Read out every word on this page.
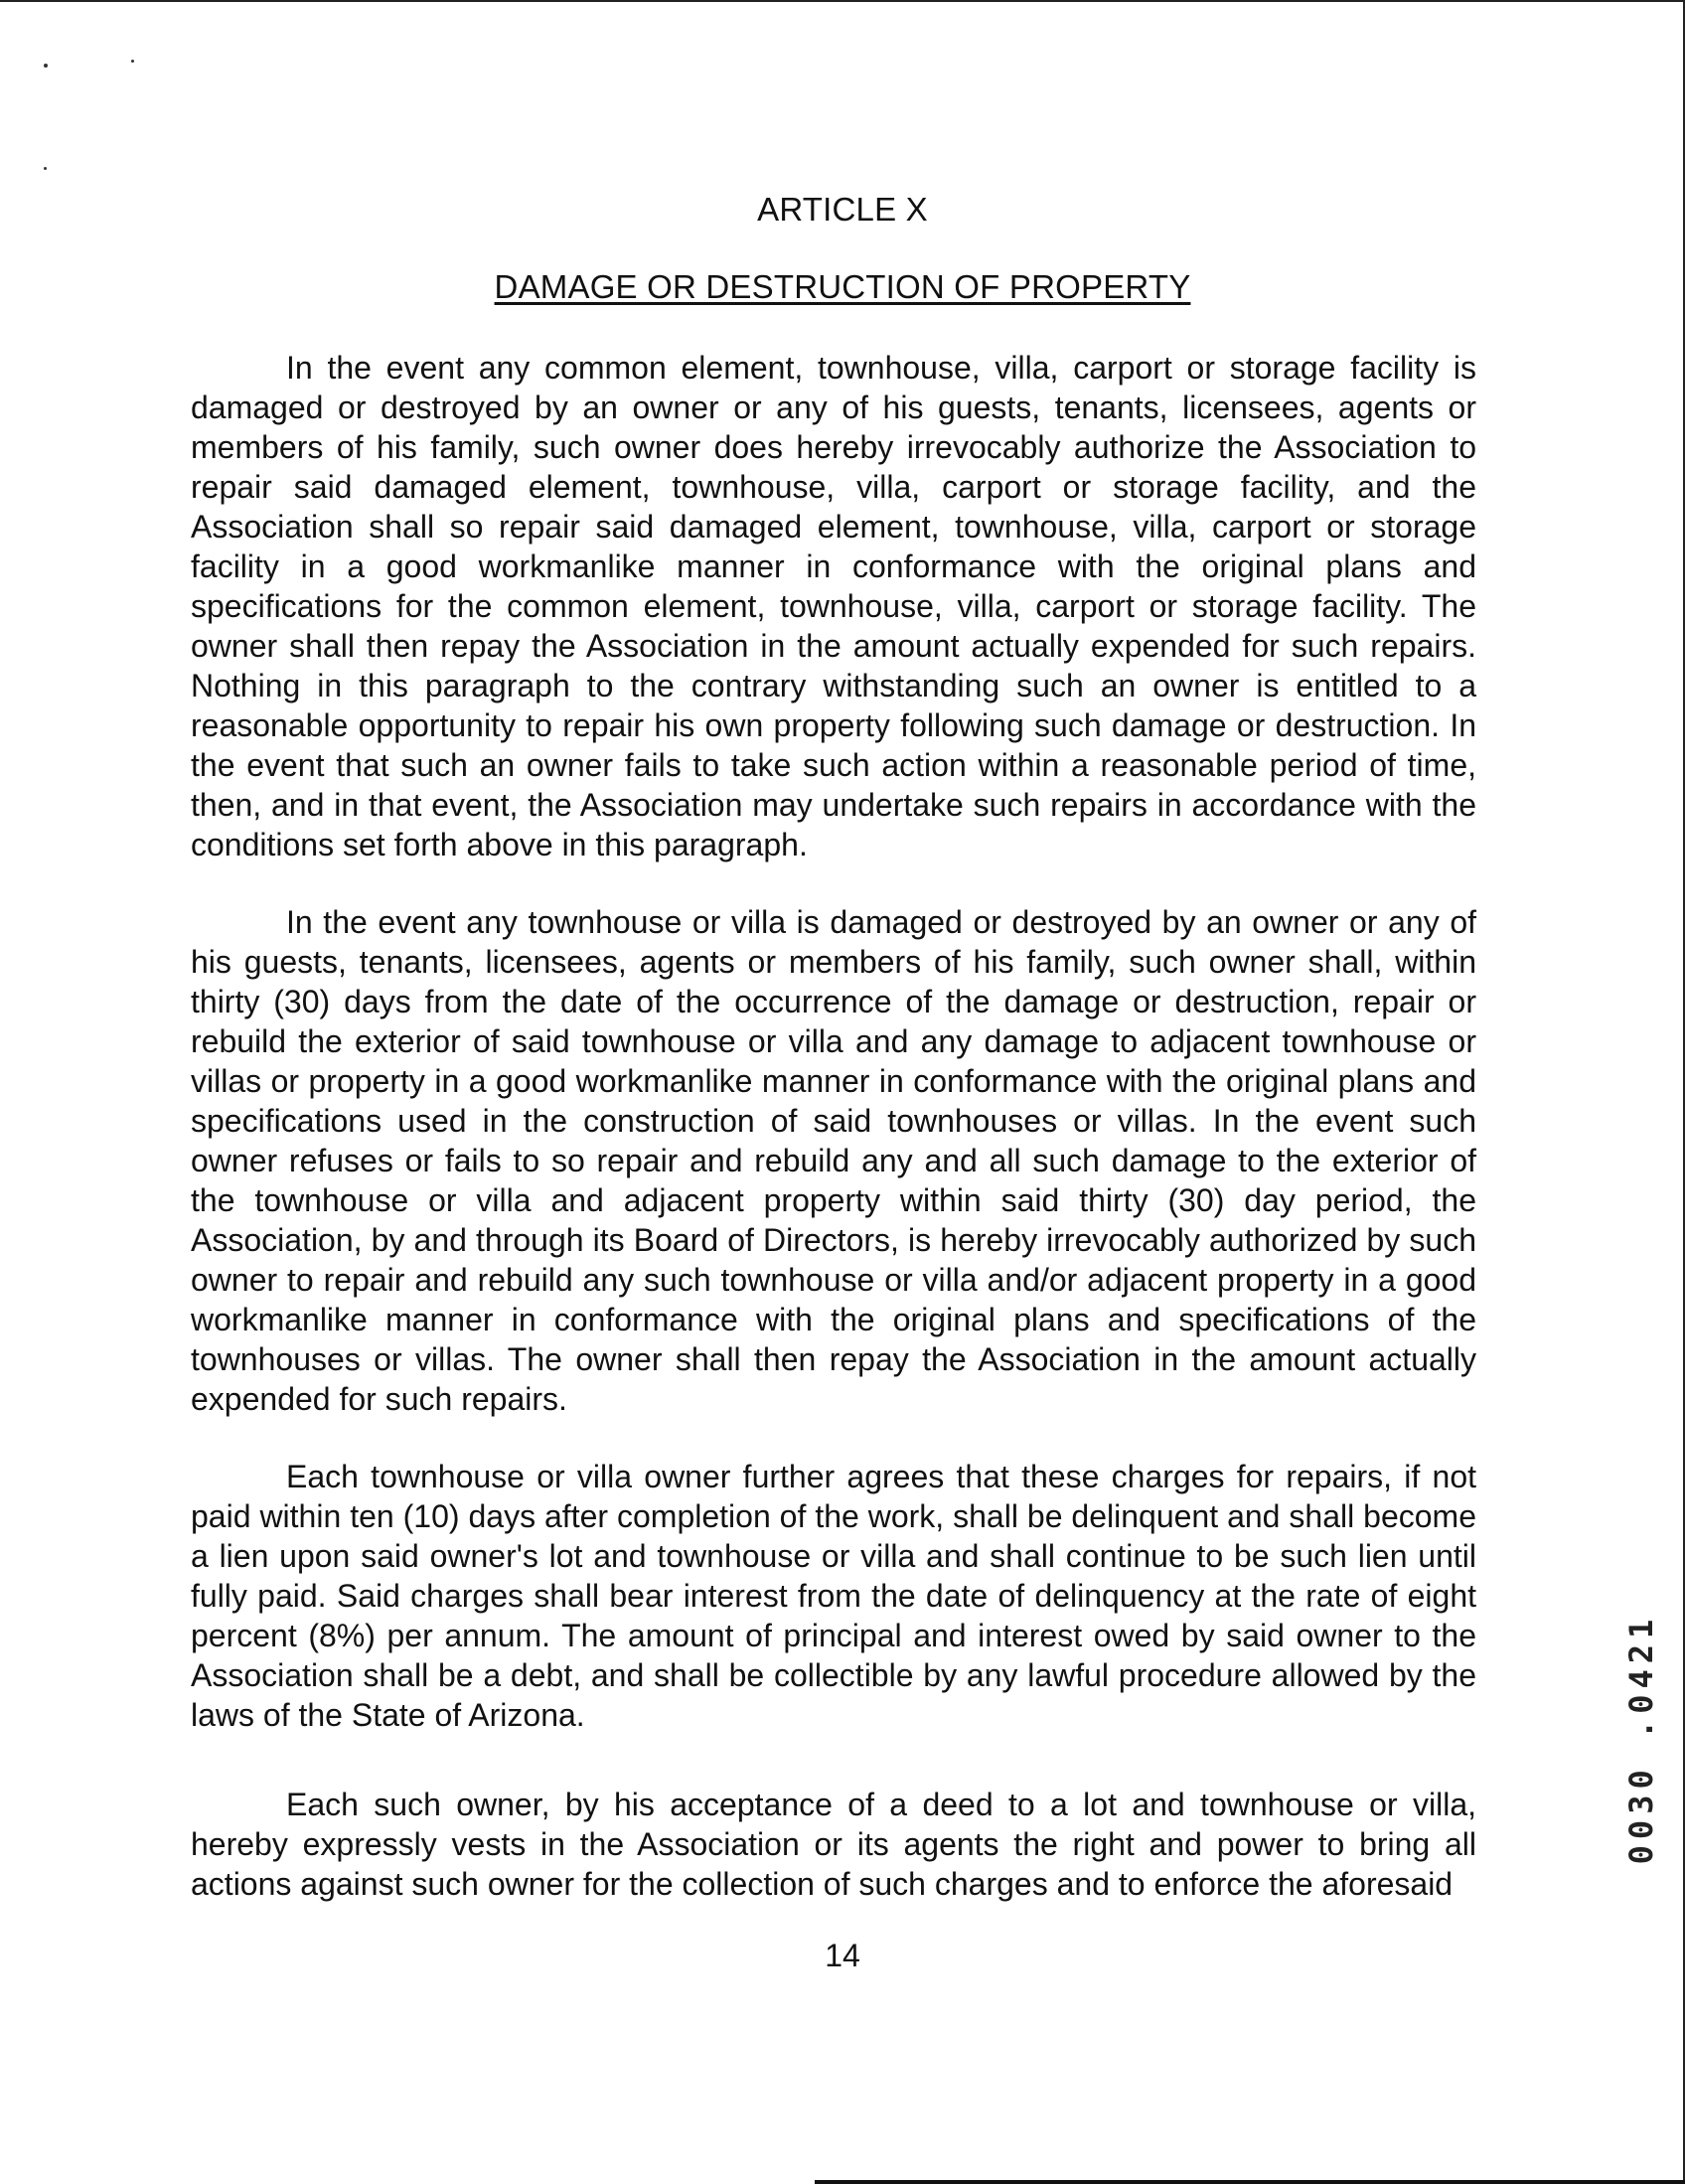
ARTICLE X
DAMAGE OR DESTRUCTION OF PROPERTY

In the event any common element, townhouse, villa, carport or storage facility is damaged or destroyed by an owner or any of his guests, tenants, licensees, agents or members of his family, such owner does hereby irrevocably authorize the Association to repair said damaged element, townhouse, villa, carport or storage facility, and the Association shall so repair said damaged element, townhouse, villa, carport or storage facility in a good workmanlike manner in conformance with the original plans and specifications for the common element, townhouse, villa, carport or storage facility. The owner shall then repay the Association in the amount actually expended for such repairs. Nothing in this paragraph to the contrary withstanding such an owner is entitled to a reasonable opportunity to repair his own property following such damage or destruction. In the event that such an owner fails to take such action within a reasonable period of time, then, and in that event, the Association may undertake such repairs in accordance with the conditions set forth above in this paragraph.

In the event any townhouse or villa is damaged or destroyed by an owner or any of his guests, tenants, licensees, agents or members of his family, such owner shall, within thirty (30) days from the date of the occurrence of the damage or destruction, repair or rebuild the exterior of said townhouse or villa and any damage to adjacent townhouse or villas or property in a good workmanlike manner in conformance with the original plans and specifications used in the construction of said townhouses or villas. In the event such owner refuses or fails to so repair and rebuild any and all such damage to the exterior of the townhouse or villa and adjacent property within said thirty (30) day period, the Association, by and through its Board of Directors, is hereby irrevocably authorized by such owner to repair and rebuild any such townhouse or villa and/or adjacent property in a good workmanlike manner in conformance with the original plans and specifications of the townhouses or villas. The owner shall then repay the Association in the amount actually expended for such repairs.

Each townhouse or villa owner further agrees that these charges for repairs, if not paid within ten (10) days after completion of the work, shall be delinquent and shall become a lien upon said owner's lot and townhouse or villa and shall continue to be such lien until fully paid. Said charges shall bear interest from the date of delinquency at the rate of eight percent (8%) per annum. The amount of principal and interest owed by said owner to the Association shall be a debt, and shall be collectible by any lawful procedure allowed by the laws of the State of Arizona.

Each such owner, by his acceptance of a deed to a lot and townhouse or villa, hereby expressly vests in the Association or its agents the right and power to bring all actions against such owner for the collection of such charges and to enforce the aforesaid

14
0030 .0421
